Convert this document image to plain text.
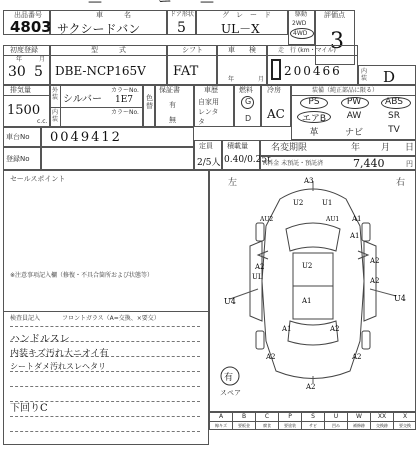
—　　　　ー　　—
出品番号
4803
車　　　名
サクシードバン
ドア形状
5
グ　レ　ー　ド
UL－X
駆動
2WD
4WD
評価点
3
初度登録
年	月
30 5
型　　　式
DBE-NCP165V
シフト
FAT
車　　検
年	月
走　行 (km・マイル)
200466	内装 D
排気量
1500
c.c.
外装
内装
シルバー
カラーNo.
1E7
カラーNo.
色替
保証書
有
無
車歴
自家用
レンタ
タ
燃料
G
D
冷房
AC
装備（純正部品に限る）
PS	PW	ABS
エアB	AW	SR
革	ナビ	TV
車台No 0049412
定員
2/5人
積載量
0.40/0.25t
名変期限	年 月 日
R料金 未預託・預託済	7,440	円
登録No
セールスポイント
※注意事項記入欄（修復・不具合箇所および状態等）
検査員記入	フロントガラス（A=交換、×要交）
ハンドルスレ
内装キズ汚れ大ニオイ有
シートダメ汚れスレヘタリ
下回りC
左	右
A3
U2	U1
AU2	AU1 A1
A2
UL
U4
A1
U2
A1
A2
A2
U4
A1	A2
A2	A2
A2
有
スペア
A	B	C	P	S	U	W	XX	X
線キズ	要板金	腐食	要塗装	サビ	凹み	補修跡	交換跡	要交換
